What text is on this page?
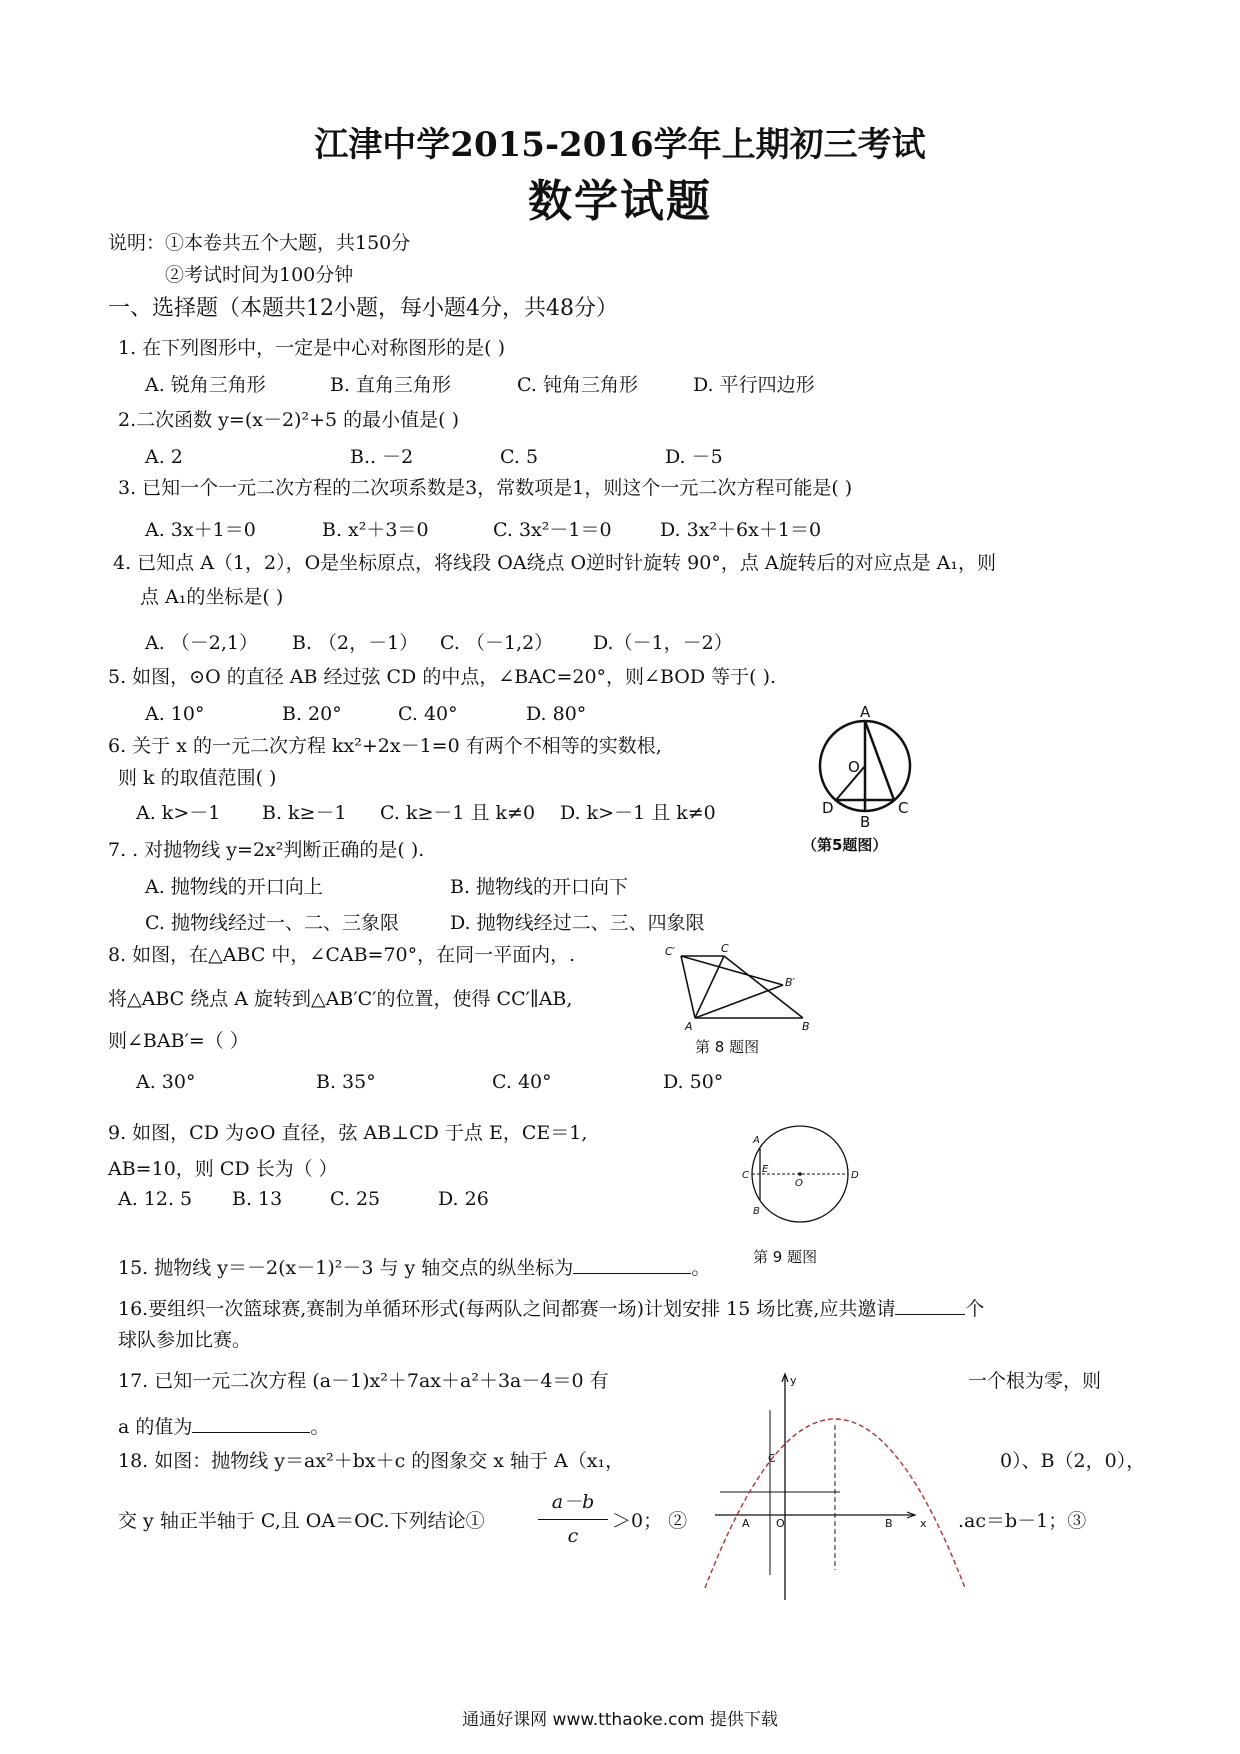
江津中学2015-2016学年上期初三考试
数学试题
说明：①本卷共五个大题，共150分
②考试时间为100分钟
一、选择题（本题共12小题，每小题4分，共48分）
1. 在下列图形中，一定是中心对称图形的是( )
A. 锐角三角形	B. 直角三角形	C. 钝角三角形	D. 平行四边形
2.二次函数 y=(x－2)²+5 的最小值是( )
A. 2	B.. －2	C. 5	D. －5
3. 已知一个一元二次方程的二次项系数是3，常数项是1，则这个一元二次方程可能是( )
A. 3x＋1＝0	B. x²＋3＝0	C. 3x²－1＝0	D. 3x²＋6x＋1＝0
4. 已知点 A（1，2），O是坐标原点，将线段 OA绕点 O逆时针旋转 90°，点 A旋转后的对应点是 A₁，则
点 A₁的坐标是( )
A. （－2,1） B. （2，－1） C. （－1,2） D.（－1，－2）
5. 如图，⊙O 的直径 AB 经过弦 CD 的中点，∠BAC=20°，则∠BOD 等于( ).
A. 10°	B. 20°	C. 40°	D. 80°
6. 关于 x 的一元二次方程 kx²+2x－1=0 有两个不相等的实数根,
则 k 的取值范围( )
A. k>－1 B. k≥－1 C. k≥－1 且 k≠0 D. k>－1 且 k≠0
A
O
D
B
C
（第5题图）
7. . 对抛物线 y=2x²判断正确的是( ).
A. 抛物线的开口向上	B. 抛物线的开口向下
C. 抛物线经过一、二、三象限	D. 抛物线经过二、三、四象限
8. 如图，在△ABC 中，∠CAB=70°，在同一平面内，.
将△ABC 绕点 A 旋转到△AB′C′的位置，使得 CC′∥AB,
则∠BAB′=（ ）
A. 30°	B. 35°	C. 40°	D. 50°
C′	C
B′
A	B
第 8 题图
9. 如图，CD 为⊙O 直径，弦 AB⊥CD 于点 E，CE＝1,
AB=10，则 CD 长为（ ）
A. 12. 5 B. 13	C. 25	D. 26
A
C
E
O
D
B
第 9 题图
15. 抛物线 y＝－2(x－1)²－3 与 y 轴交点的纵坐标为	。
16.要组织一次篮球赛,赛制为单循环形式(每两队之间都赛一场)计划安排 15 场比赛,应共邀请	个
球队参加比赛。
17. 已知一元二次方程 (a－1)x²＋7ax＋a²＋3a－4＝0 有	一个根为零，则
a 的值为	。
18. 如图：抛物线 y＝ax²＋bx＋c 的图象交 x 轴于 A（x₁，	0）、B（2，0），
交 y 轴正半轴于 C,且 OA＝OC.下列结论①
a－b
c
＞0； ②	.ac＝b－1；③
y
C
A O	B x
通通好课网 www.tthaoke.com 提供下载
